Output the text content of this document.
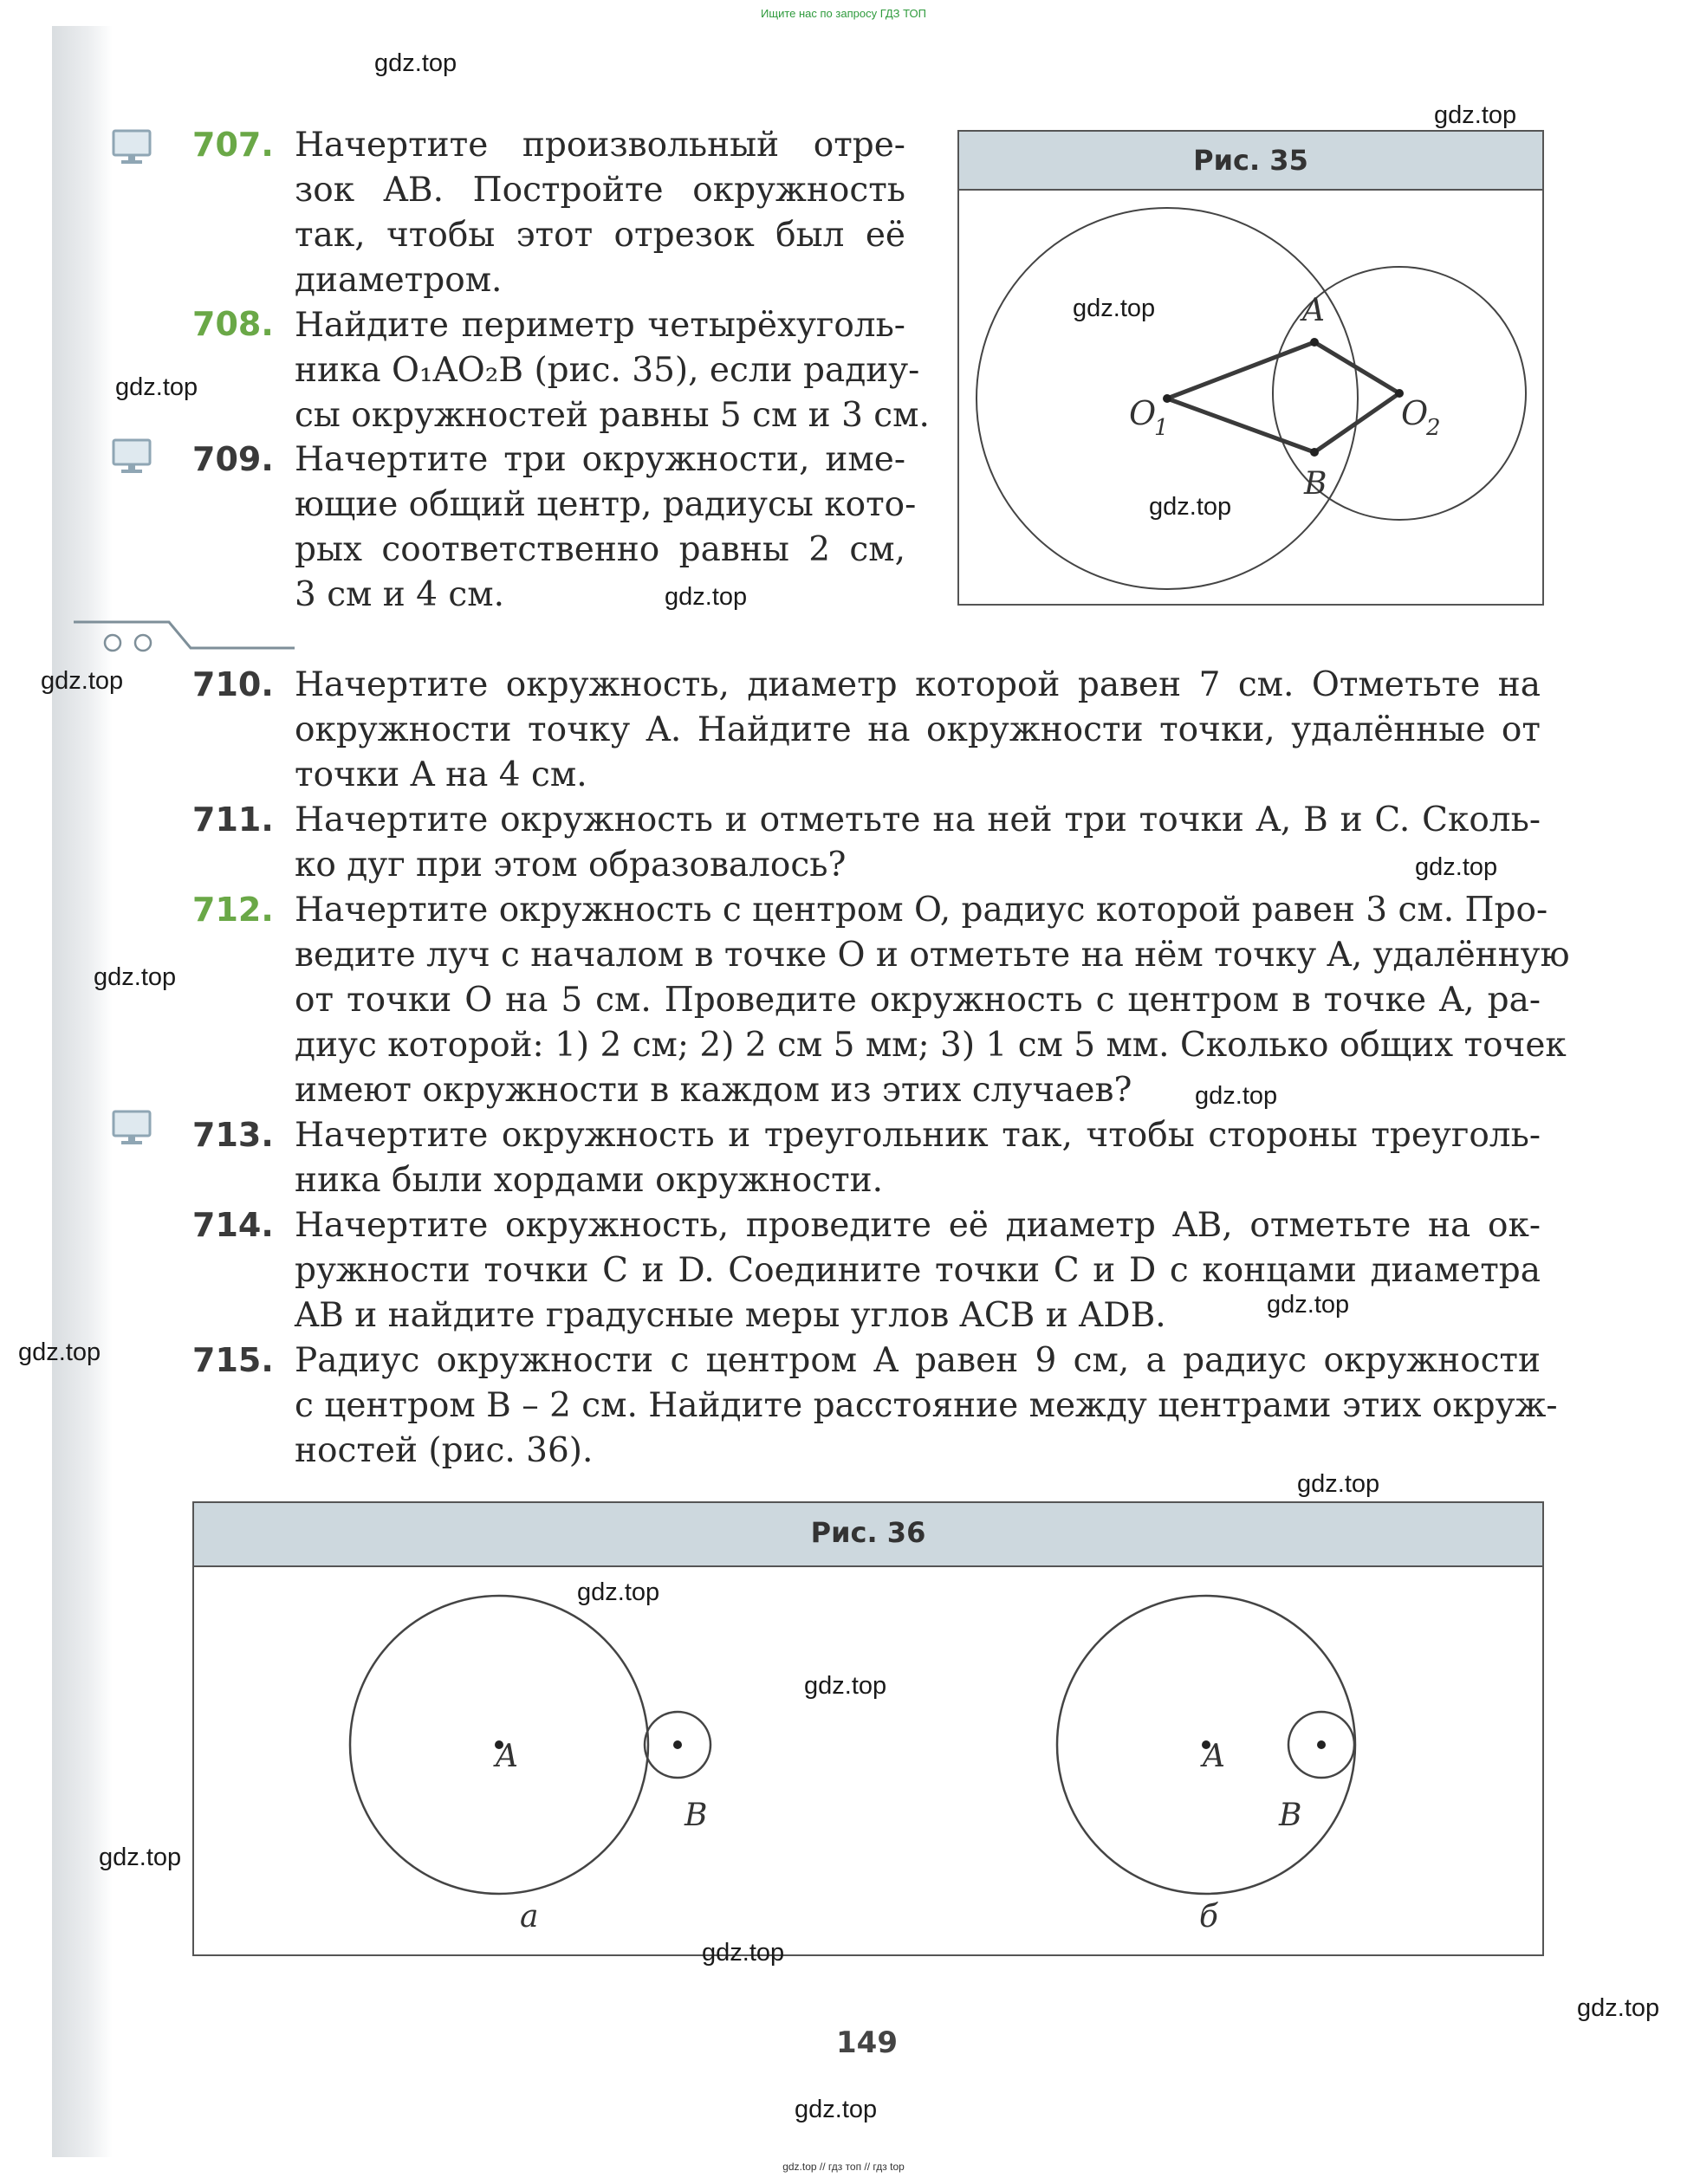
Ищите нас по запросу ГДЗ ТОП
707. Начертите произвольный отре-
зок AB. Постройте окружность
так, чтобы этот отрезок был её
диаметром.
708. Найдите периметр четырёхуголь-
ника O₁AO₂B (рис. 35), если радиу-
сы окружностей равны 5 см и 3 см.
709. Начертите три окружности, име-
ющие общий центр, радиусы кото-
рых соответственно равны 2 см,
3 см и 4 см.
Рис. 35
A
B
O
1	O
2
710. Начертите окружность, диаметр которой равен 7 см. Отметьте на
окружности точку A. Найдите на окружности точки, удалённые от
точки A на 4 см.
711. Начертите окружность и отметьте на ней три точки A, B и C. Сколь-
ко дуг при этом образовалось?
712. Начертите окружность с центром O, радиус которой равен 3 см. Про-
ведите луч с началом в точке O и отметьте на нём точку A, удалённую
от точки O на 5 см. Проведите окружность с центром в точке A, ра-
диус которой: 1) 2 см; 2) 2 см 5 мм; 3) 1 см 5 мм. Сколько общих точек
имеют окружности в каждом из этих случаев?
713. Начертите окружность и треугольник так, чтобы стороны треуголь-
ника были хордами окружности.
714. Начертите окружность, проведите её диаметр AB, отметьте на ок-
ружности точки C и D. Соедините точки C и D с концами диаметра
AB и найдите градусные меры углов ACB и ADB.
715. Радиус окружности с центром A равен 9 см, а радиус окружности
с центром B – 2 см. Найдите расстояние между центрами этих окруж-
ностей (рис. 36).
Рис. 36
A
B
а
A
B
б
149
gdz.top
gdz.top
gdz.top
gdz.top
gdz.top
gdz.top
gdz.top
gdz.top
gdz.top
gdz.top
gdz.top
gdz.top
gdz.top
gdz.top
gdz.top
gdz.top
gdz.top
gdz.top
gdz.top
gdz.top // гдз топ // гдз top
